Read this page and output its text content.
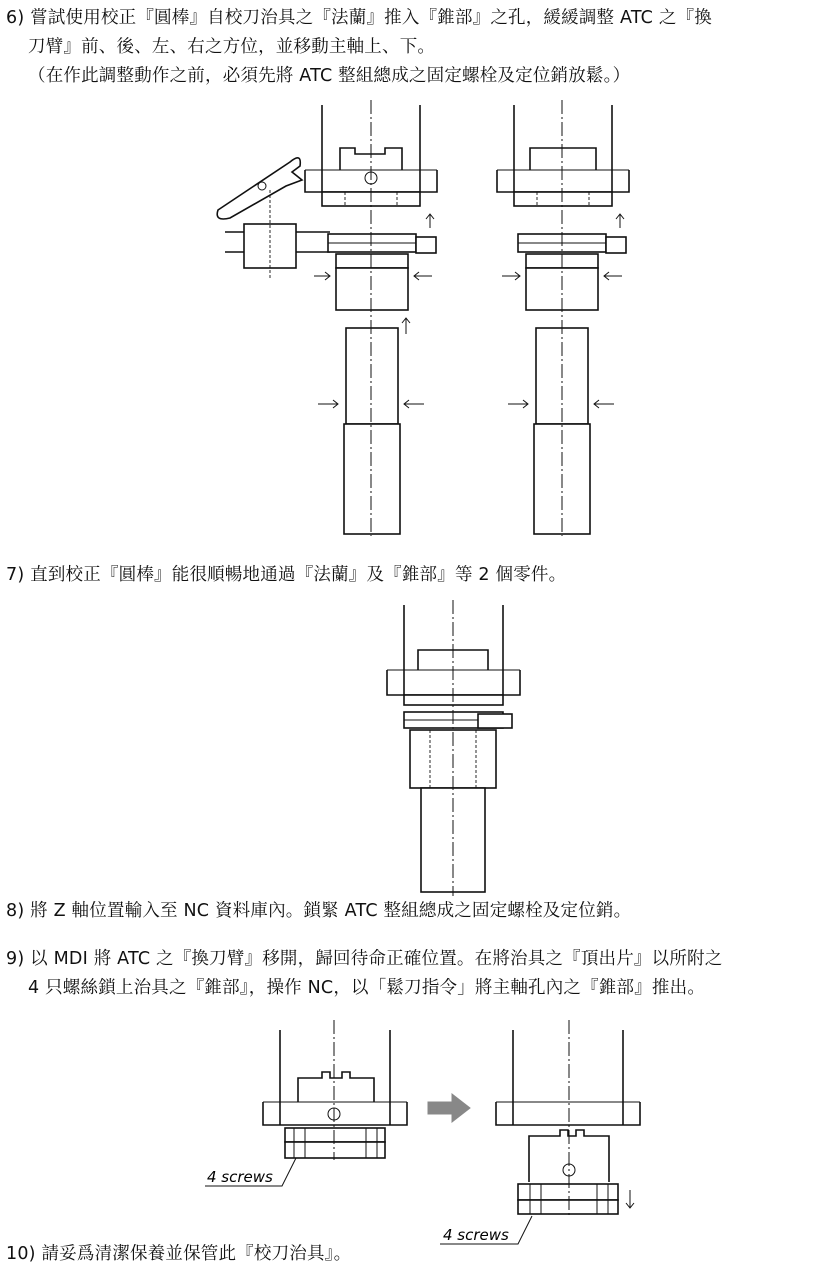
6) 嘗試使用校正『圓棒』自校刀治具之『法蘭』推入『錐部』之孔，緩緩調整 ATC 之『換
刀臂』前、後、左、右之方位，並移動主軸上、下。
（在作此調整動作之前，必須先將 ATC 整組總成之固定螺栓及定位銷放鬆。）
7) 直到校正『圓棒』能很順暢地通過『法蘭』及『錐部』等 2 個零件。
8) 將 Z 軸位置輸入至 NC 資料庫內。鎖緊 ATC 整組總成之固定螺栓及定位銷。
9) 以 MDI 將 ATC 之『換刀臂』移開，歸回待命正確位置。在將治具之『頂出片』以所附之
4 只螺絲鎖上治具之『錐部』，操作 NC，以「鬆刀指令」將主軸孔內之『錐部』推出。
4 screws
4 screws
10) 請妥爲清潔保養並保管此『校刀治具』。
